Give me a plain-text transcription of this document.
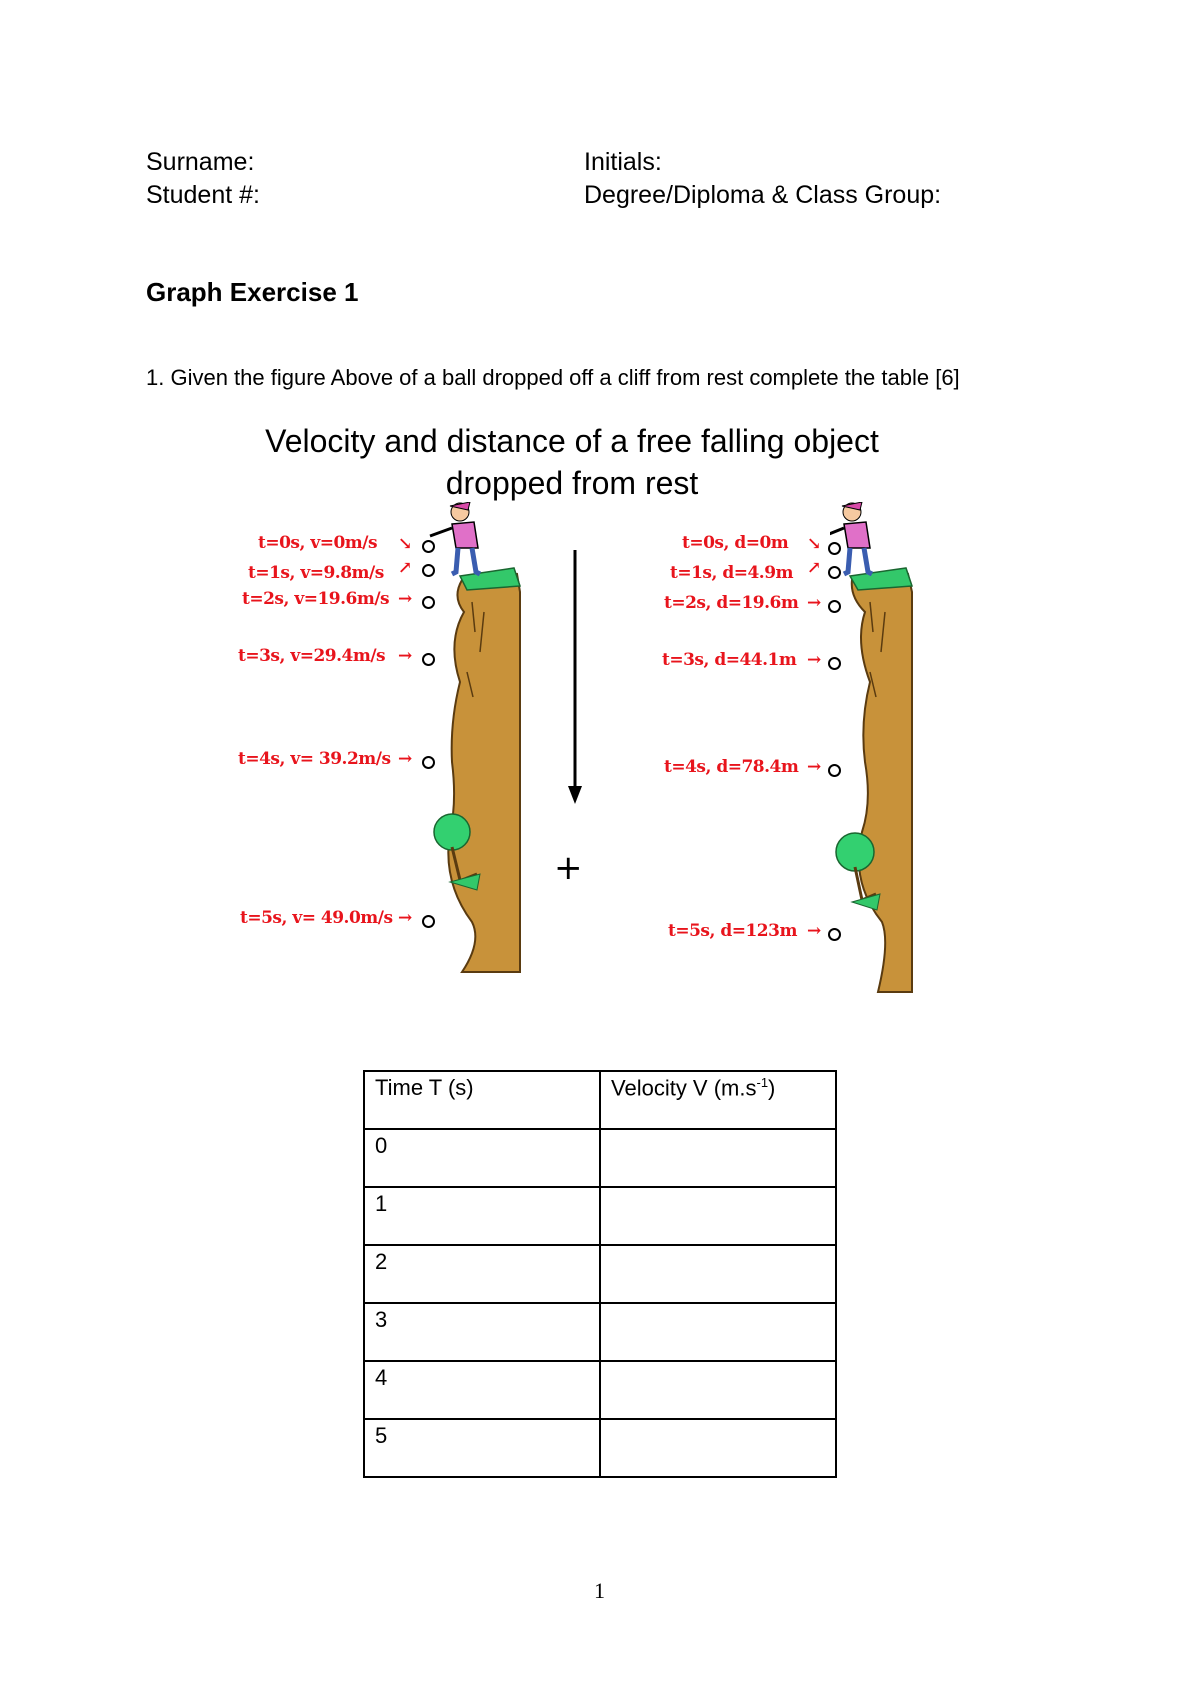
Surname:	Initials:
Student #:	Degree/Diploma & Class Group:
Graph Exercise 1
1. Given the figure Above of a ball dropped off a cliff from rest complete the table [6]
Velocity and distance of a free falling object
dropped from rest
t=0s, v=0m/s
t=1s, v=9.8m/s
t=2s, v=19.6m/s
t=3s, v=29.4m/s
t=4s, v= 39.2m/s
t=5s, v= 49.0m/s
↘
↗
→
→
→
→
+
t=0s, d=0m
t=1s, d=4.9m
t=2s, d=19.6m
t=3s, d=44.1m
t=4s, d=78.4m
t=5s, d=123m
↘
↗
→
→
→
→
Time T (s)	Velocity V $(m.s^{-1})$
0	
1	
2	
3	
4	
5	
1
